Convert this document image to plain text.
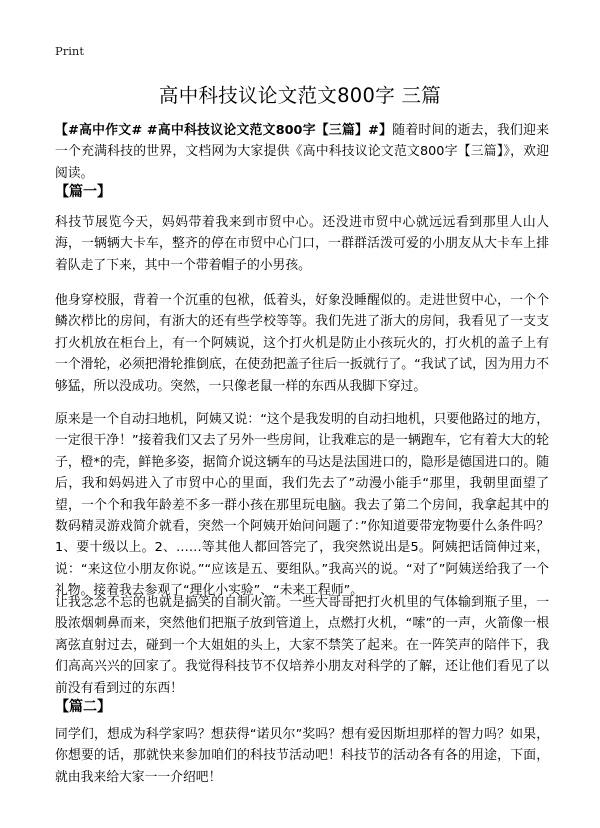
Print
高中科技议论文范文800字 三篇

【#高中作文# #高中科技议论文范文800字【三篇】#】随着时间的逝去，我们迎来一个充满科技的世界，文档网为大家提供《高中科技议论文范文800字【三篇】》，欢迎阅读。

【篇一】

科技节展览今天，妈妈带着我来到市贸中心。还没进市贸中心就远远看到那里人山人海，一辆辆大卡车，整齐的停在市贸中心门口，一群群活泼可爱的小朋友从大卡车上排着队走了下来，其中一个带着帽子的小男孩。

他身穿校服，背着一个沉重的包袱，低着头，好象没睡醒似的。走进世贸中心，一个个鳞次栉比的房间，有浙大的还有些学校等等。我们先进了浙大的房间，我看见了一支支打火机放在柜台上，有一个阿姨说，这个打火机是防止小孩玩火的，打火机的盖子上有一个滑轮，必须把滑轮推倒底，在使劲把盖子往后一扳就行了。“我试了试，因为用力不够猛，所以没成功。突然，一只像老鼠一样的东西从我脚下穿过。

原来是一个自动扫地机，阿姨又说：“这个是我发明的自动扫地机，只要他路过的地方，一定很干净！”接着我们又去了另外一些房间，让我难忘的是一辆跑车，它有着大大的轮子，橙*的壳，鲜艳多姿，据简介说这辆车的马达是法国进口的，隐形是德国进口的。随后，我和妈妈进入了市贸中心的里面，我们先去了”动漫小能手“那里，我朝里面望了望，一个个和我年龄差不多一群小孩在那里玩电脑。我去了第二个房间，我拿起其中的数码精灵游戏简介就看，突然一个阿姨开始问问题了：”你知道要带宠物要什么条件吗？1、要十级以上。2、……等其他人都回答完了，我突然说出是5。阿姨把话筒伸过来，说：“来这位小朋友你说。”“应该是五、要组队。”我高兴的说。“对了”阿姨送给我了一个礼物。接着我去参观了“理化小实验”、“未来工程师”。

让我念念不忘的也就是搞笑的自制火箭。一些大哥哥把打火机里的气体输到瓶子里，一股浓烟刺鼻而来，突然他们把瓶子放到管道上，点燃打火机，“嗦”的一声，火箭像一根离弦直射过去，碰到一个大姐姐的头上，大家不禁笑了起来。在一阵笑声的陪伴下，我们高高兴兴的回家了。我觉得科技节不仅培养小朋友对科学的了解，还让他们看见了以前没有看到过的东西！

【篇二】

同学们，想成为科学家吗？想获得“诺贝尔”奖吗？想有爱因斯坦那样的智力吗？如果，你想要的话，那就快来参加咱们的科技节活动吧！科技节的活动各有各的用途，下面，就由我来给大家一一介绍吧！
